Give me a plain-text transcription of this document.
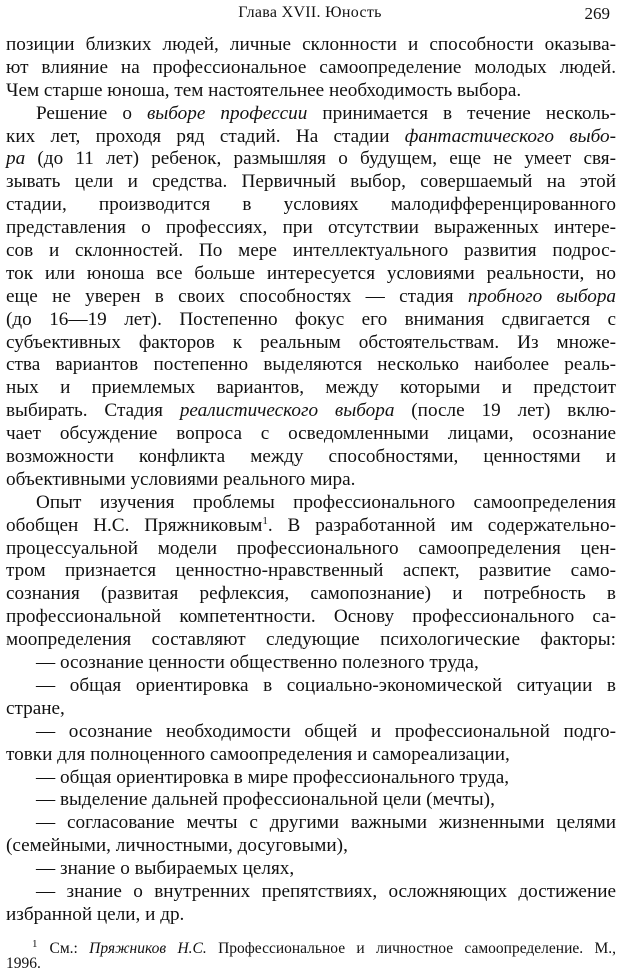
Глава XVII. Юность	269
позиции близких людей, личные склонности и способности оказыва-
ют влияние на профессиональное самоопределение молодых людей.
Чем старше юноша, тем настоятельнее необходимость выбора.
Решение о выборе профессии принимается в течение несколь-
ких лет, проходя ряд стадий. На стадии фантастического выбо-
ра (до 11 лет) ребенок, размышляя о будущем, еще не умеет свя-
зывать цели и средства. Первичный выбор, совершаемый на этой
стадии, производится в условиях малодифференцированного
представления о профессиях, при отсутствии выраженных интере-
сов и склонностей. По мере интеллектуального развития подрос-
ток или юноша все больше интересуется условиями реальности, но
еще не уверен в своих способностях — стадия пробного выбора
(до 16—19 лет). Постепенно фокус его внимания сдвигается с
субъективных факторов к реальным обстоятельствам. Из множе-
ства вариантов постепенно выделяются несколько наиболее реаль-
ных и приемлемых вариантов, между которыми и предстоит
выбирать. Стадия реалистического выбора (после 19 лет) вклю-
чает обсуждение вопроса с осведомленными лицами, осознание
возможности конфликта между способностями, ценностями и
объективными условиями реального мира.
Опыт изучения проблемы профессионального самоопределения
обобщен Н.С. Пряжниковым$^1$. В разработанной им содержательно-
процессуальной модели профессионального самоопределения цен-
тром признается ценностно-нравственный аспект, развитие само-
сознания (развитая рефлексия, самопознание) и потребность в
профессиональной компетентности. Основу профессионального са-
моопределения составляют следующие психологические факторы:
— осознание ценности общественно полезного труда,
— общая ориентировка в социально-экономической ситуации в
стране,
— осознание необходимости общей и профессиональной подго-
товки для полноценного самоопределения и самореализации,
— общая ориентировка в мире профессионального труда,
— выделение дальней профессиональной цели (мечты),
— согласование мечты с другими важными жизненными целями
(семейными, личностными, досуговыми),
— знание о выбираемых целях,
— знание о внутренних препятствиях, осложняющих достижение
избранной цели, и др.
$^1$ См.: Пряжников Н.С. Профессиональное и личностное самоопределение. М.,
1996.
